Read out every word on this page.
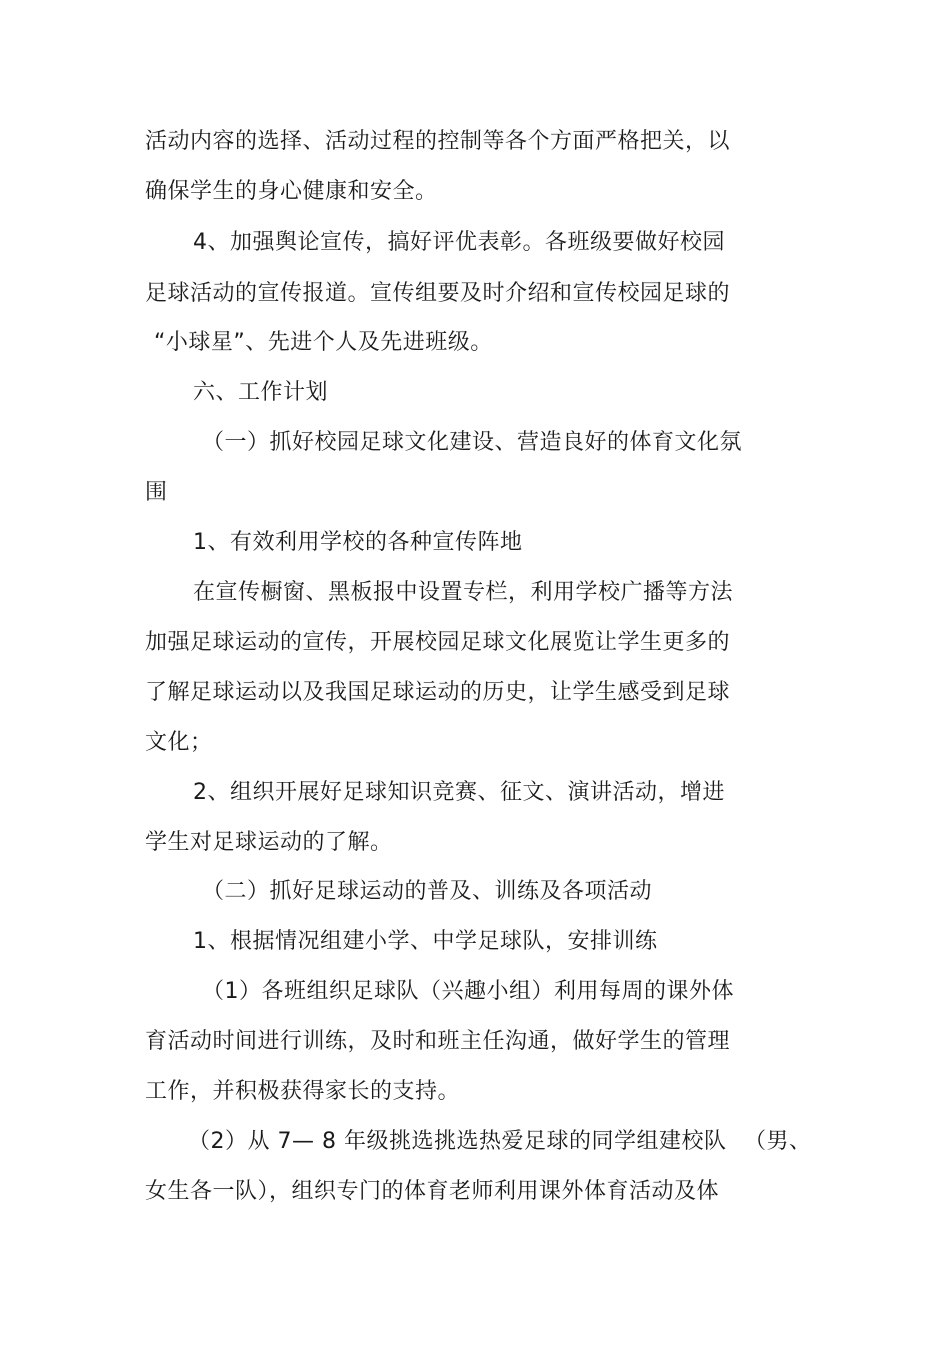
活动内容的选择、活动过程的控制等各个方面严格把关，以
确保学生的身心健康和安全。
4、加强舆论宣传，搞好评优表彰。各班级要做好校园
足球活动的宣传报道。宣传组要及时介绍和宣传校园足球的
“小球星”、先进个人及先进班级。
六、工作计划
（一）抓好校园足球文化建设、营造良好的体育文化氛
围
1、有效利用学校的各种宣传阵地
在宣传橱窗、黑板报中设置专栏，利用学校广播等方法
加强足球运动的宣传，开展校园足球文化展览让学生更多的
了解足球运动以及我国足球运动的历史，让学生感受到足球
文化；
2、组织开展好足球知识竞赛、征文、演讲活动，增进
学生对足球运动的了解。
（二）抓好足球运动的普及、训练及各项活动
1、根据情况组建小学、中学足球队，安排训练
（1）各班组织足球队（兴趣小组）利用每周的课外体
育活动时间进行训练，及时和班主任沟通，做好学生的管理
工作，并积极获得家长的支持。
（2）从 7— 8 年级挑选挑选热爱足球的同学组建校队 （男、
女生各一队），组织专门的体育老师利用课外体育活动及体
